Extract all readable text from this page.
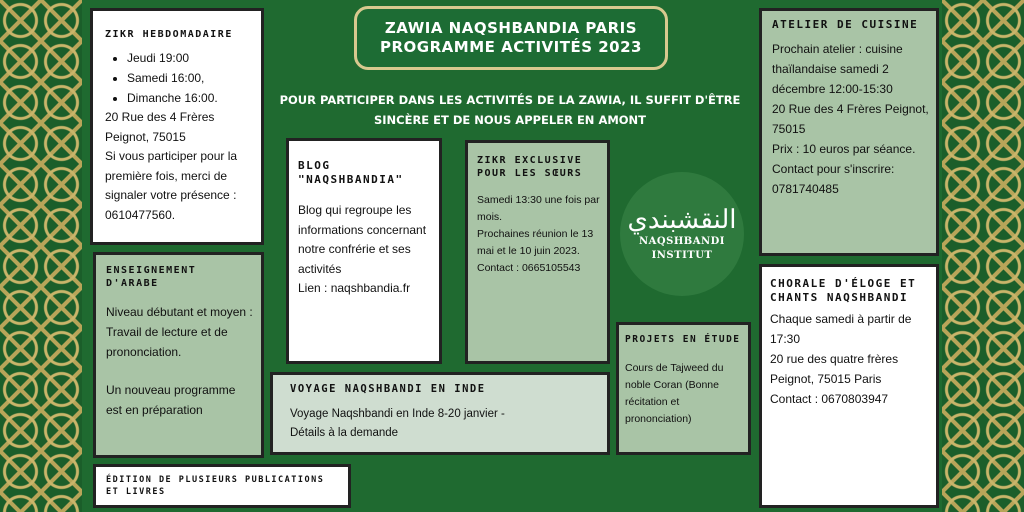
ZAWIA NAQSHBANDIA PARIS
PROGRAMME ACTIVITÉS 2023
POUR PARTICIPER DANS LES ACTIVITÉS DE LA ZAWIA, IL SUFFIT D'ÊTRE
SINCÈRE ET DE NOUS APPELER EN AMONT
النقشبندي
NAQSHBANDI
INSTITUT
ZIKR HEBDOMADAIRE
• Jeudi 19:00
• Samedi 16:00,
• Dimanche 16:00.
20 Rue des 4 Frères
Peignot, 75015
Si vous participer pour la première fois, merci de signaler votre présence : 0610477560.
ENSEIGNEMENT D'ARABE
Niveau débutant et moyen : Travail de lecture et de prononciation.
Un nouveau programme est en préparation
ÉDITION DE PLUSIEURS PUBLICATIONS ET LIVRES
BLOG "NAQSHBANDIA"
Blog qui regroupe les informations concernant notre confrérie et ses activités
Lien : naqshbandia.fr
ZIKR EXCLUSIVE POUR LES SŒURS
Samedi 13:30 une fois par mois.
Prochaines réunion le 13 mai et le 10 juin 2023.
Contact : 0665105543
VOYAGE NAQSHBANDI EN INDE
Voyage Naqshbandi en Inde 8-20 janvier - Détails à la demande
PROJETS EN ÉTUDE
Cours de Tajweed du noble Coran (Bonne récitation et prononciation)
ATELIER DE CUISINE
Prochain atelier : cuisine thaïlandaise samedi 2 décembre 12:00-15:30
20 Rue des 4 Frères Peignot, 75015
Prix : 10 euros par séance. Contact pour s'inscrire: 0781740485
CHORALE D'ÉLOGE ET CHANTS NAQSHBANDI
Chaque samedi à partir de 17:30
20 rue des quatre frères Peignot, 75015 Paris
Contact : 0670803947
